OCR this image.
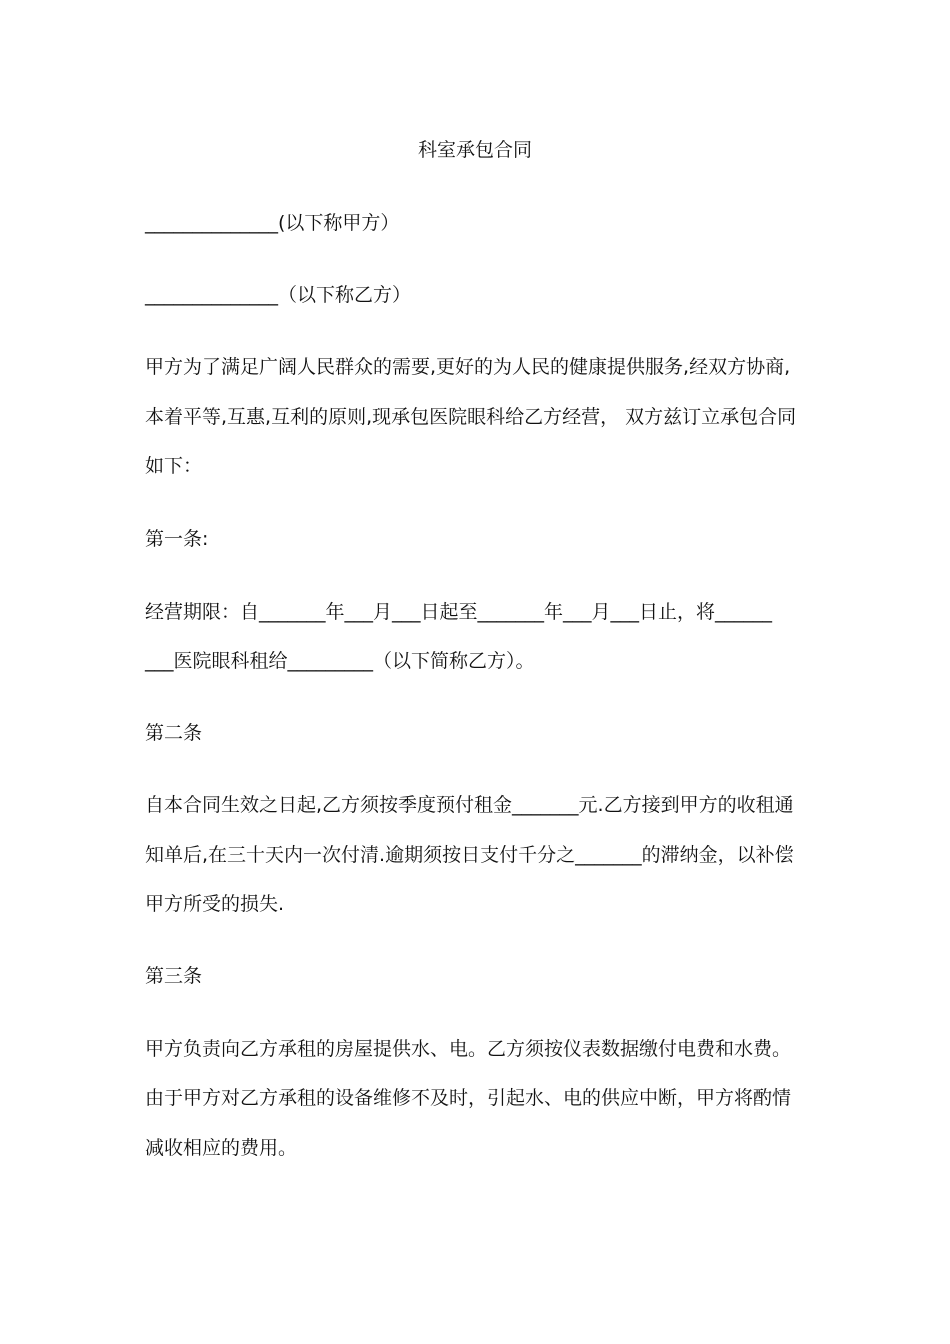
科室承包合同

______________(以下称甲方）

______________（以下称乙方）

甲方为了满足广阔人民群众的需要,更好的为人民的健康提供服务,经双方协商,

本着平等,互惠,互利的原则,现承包医院眼科给乙方经营， 双方兹订立承包合同

如下：

第一条:

经营期限：自_______年___月___日起至_______年___月___日止，将______

___医院眼科租给_________（以下简称乙方）。

第二条

自本合同生效之日起,乙方须按季度预付租金_______元.乙方接到甲方的收租通

知单后,在三十天内一次付清.逾期须按日支付千分之_______的滞纳金，以补偿

甲方所受的损失.

第三条

甲方负责向乙方承租的房屋提供水、电。乙方须按仪表数据缴付电费和水费。

由于甲方对乙方承租的设备维修不及时，引起水、电的供应中断，甲方将酌情

减收相应的费用。
